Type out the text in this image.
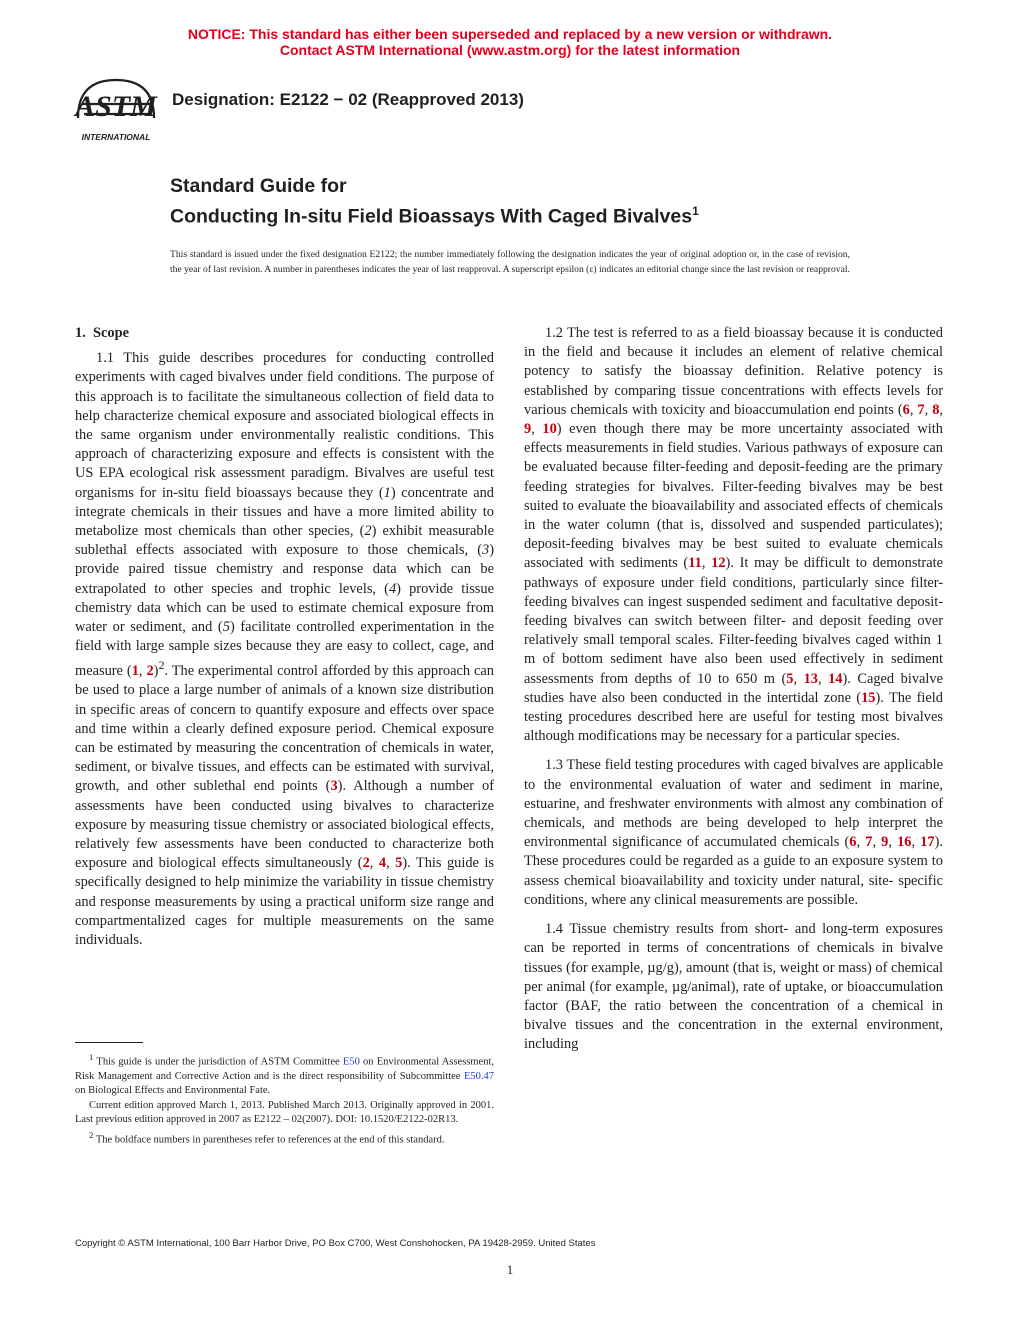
NOTICE: This standard has either been superseded and replaced by a new version or withdrawn.
Contact ASTM International (www.astm.org) for the latest information
ASTM
INTERNATIONAL
Designation: E2122 − 02 (Reapproved 2013)
Standard Guide for
Conducting In-situ Field Bioassays With Caged Bivalves$^1$
This standard is issued under the fixed designation E2122; the number immediately following the designation indicates the year of original adoption or, in the case of revision, the year of last revision. A number in parentheses indicates the year of last reapproval. A superscript epsilon (ε) indicates an editorial change since the last revision or reapproval.
1. Scope

1.1 This guide describes procedures for conducting controlled experiments with caged bivalves under field conditions. The purpose of this approach is to facilitate the simultaneous collection of field data to help characterize chemical exposure and associated biological effects in the same organism under environmentally realistic conditions. This approach of characterizing exposure and effects is consistent with the US EPA ecological risk assessment paradigm. Bivalves are useful test organisms for in-situ field bioassays because they (1) concentrate and integrate chemicals in their tissues and have a more limited ability to metabolize most chemicals than other species, (2) exhibit measurable sublethal effects associated with exposure to those chemicals, (3) provide paired tissue chemistry and response data which can be extrapolated to other species and trophic levels, (4) provide tissue chemistry data which can be used to estimate chemical exposure from water or sediment, and (5) facilitate controlled experimentation in the field with large sample sizes because they are easy to collect, cage, and measure (1, 2)$^2$. The experimental control afforded by this approach can be used to place a large number of animals of a known size distribution in specific areas of concern to quantify exposure and effects over space and time within a clearly defined exposure period. Chemical exposure can be estimated by measuring the concentration of chemicals in water, sediment, or bivalve tissues, and effects can be estimated with survival, growth, and other sublethal end points (3). Although a number of assessments have been conducted using bivalves to characterize exposure by measuring tissue chemistry or associated biological effects, relatively few assessments have been conducted to characterize both exposure and biological effects simultaneously (2, 4, 5). This guide is specifically designed to help minimize the variability in tissue chemistry and response measurements by using a practical uniform size range and compartmentalized cages for multiple measurements on the same individuals.

$^1$ This guide is under the jurisdiction of ASTM Committee E50 on Environmental Assessment, Risk Management and Corrective Action and is the direct responsibility of Subcommittee E50.47 on Biological Effects and Environmental Fate.

Current edition approved March 1, 2013. Published March 2013. Originally approved in 2001. Last previous edition approved in 2007 as E2122 – 02(2007). DOI: 10.1520/E2122-02R13.

$^2$ The boldface numbers in parentheses refer to references at the end of this standard.

1.2 The test is referred to as a field bioassay because it is conducted in the field and because it includes an element of relative chemical potency to satisfy the bioassay definition. Relative potency is established by comparing tissue concentrations with effects levels for various chemicals with toxicity and bioaccumulation end points (6, 7, 8, 9, 10) even though there may be more uncertainty associated with effects measurements in field studies. Various pathways of exposure can be evaluated because filter-feeding and deposit-feeding are the primary feeding strategies for bivalves. Filter-feeding bivalves may be best suited to evaluate the bioavailability and associated effects of chemicals in the water column (that is, dissolved and suspended particulates); deposit-feeding bivalves may be best suited to evaluate chemicals associated with sediments (11, 12). It may be difficult to demonstrate pathways of exposure under field conditions, particularly since filter-feeding bivalves can ingest suspended sediment and facultative deposit-feeding bivalves can switch between filter- and deposit feeding over relatively small temporal scales. Filter-feeding bivalves caged within 1 m of bottom sediment have also been used effectively in sediment assessments from depths of 10 to 650 m (5, 13, 14). Caged bivalve studies have also been conducted in the intertidal zone (15). The field testing procedures described here are useful for testing most bivalves although modifications may be necessary for a particular species.

1.3 These field testing procedures with caged bivalves are applicable to the environmental evaluation of water and sediment in marine, estuarine, and freshwater environments with almost any combination of chemicals, and methods are being developed to help interpret the environmental significance of accumulated chemicals (6, 7, 9, 16, 17). These procedures could be regarded as a guide to an exposure system to assess chemical bioavailability and toxicity under natural, site- specific conditions, where any clinical measurements are possible.

1.4 Tissue chemistry results from short- and long-term exposures can be reported in terms of concentrations of chemicals in bivalve tissues (for example, µg/g), amount (that is, weight or mass) of chemical per animal (for example, µg/animal), rate of uptake, or bioaccumulation factor (BAF, the ratio between the concentration of a chemical in bivalve tissues and the concentration in the external environment, including

Copyright © ASTM International, 100 Barr Harbor Drive, PO Box C700, West Conshohocken, PA 19428-2959. United States
1
